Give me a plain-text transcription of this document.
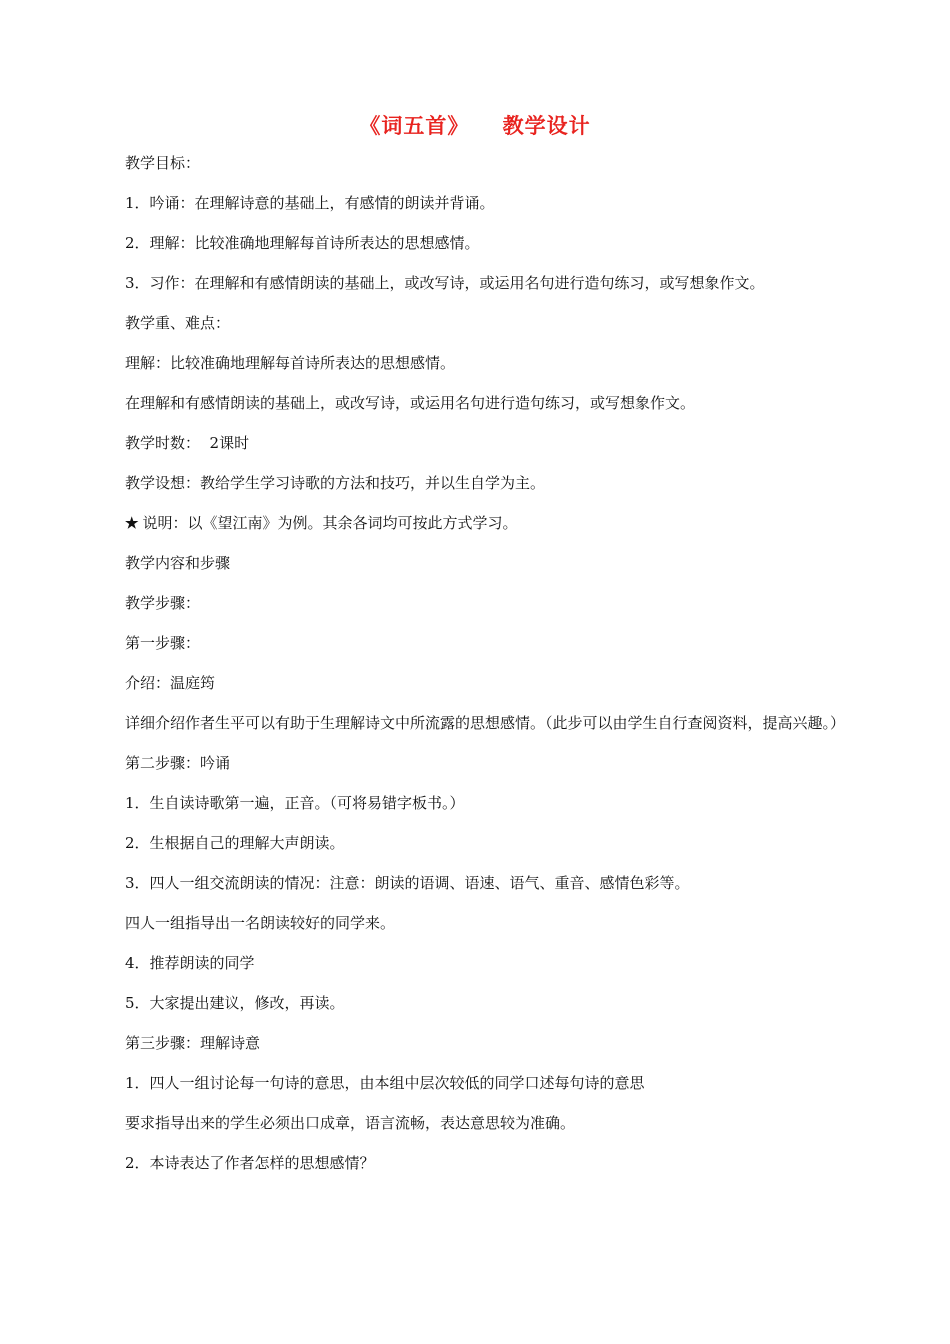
《词五首》    教学设计
教学目标：
1．吟诵：在理解诗意的基础上，有感情的朗读并背诵。
2．理解：比较准确地理解每首诗所表达的思想感情。
3．习作：在理解和有感情朗读的基础上，或改写诗，或运用名句进行造句练习，或写想象作文。
教学重、难点：
理解：比较准确地理解每首诗所表达的思想感情。
在理解和有感情朗读的基础上，或改写诗，或运用名句进行造句练习，或写想象作文。
教学时数：  2课时
教学设想：教给学生学习诗歌的方法和技巧，并以生自学为主。
★ 说明：以《望江南》为例。其余各词均可按此方式学习。
教学内容和步骤
教学步骤：
第一步骤：
介绍：温庭筠
详细介绍作者生平可以有助于生理解诗文中所流露的思想感情。（此步可以由学生自行查阅资料，提高兴趣。）
第二步骤：吟诵
1．生自读诗歌第一遍，正音。（可将易错字板书。）
2．生根据自己的理解大声朗读。
3．四人一组交流朗读的情况：注意：朗读的语调、语速、语气、重音、感情色彩等。
四人一组指导出一名朗读较好的同学来。
4．推荐朗读的同学
5．大家提出建议，修改，再读。
第三步骤：理解诗意
1．四人一组讨论每一句诗的意思，由本组中层次较低的同学口述每句诗的意思
要求指导出来的学生必须出口成章，语言流畅，表达意思较为准确。
2．本诗表达了作者怎样的思想感情？
